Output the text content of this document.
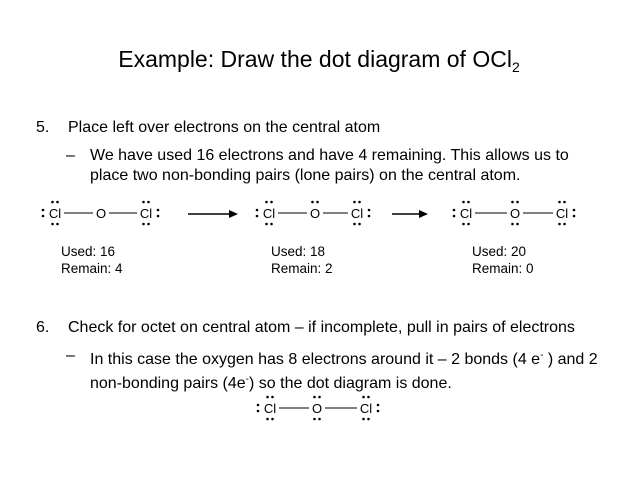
Example: Draw the dot diagram of OCl$_2$
5. Place left over electrons on the central atom
– We have used 16 electrons and have 4 remaining. This allows us to
place two non-bonding pairs (lone pairs) on the central atom.
Used: 16
Remain: 4
Used: 18
Remain: 2
Used: 20
Remain: 0
6. Check for octet on central atom – if incomplete, pull in pairs of electrons
– In this case the oxygen has 8 electrons around it – 2 bonds (4 e- ) and 2
non-bonding pairs (4e-) so the dot diagram is done.
Cl	O	Cl	Cl	O Cl	Cl	O	Cl
Cl	O	Cl
